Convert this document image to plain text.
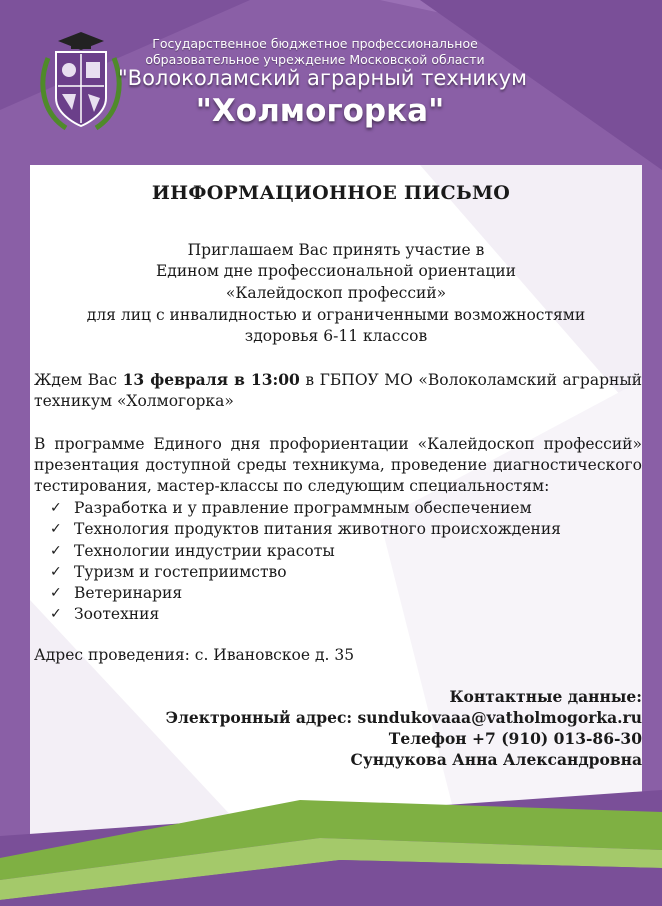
Государственное бюджетное профессиональное
образовательное учреждение Московской области
"Волоколамский аграрный техникум
"Холмогорка"
ИНФОРМАЦИОННОЕ ПИСЬМО
Приглашаем Вас принять участие в
Едином дне профессиональной ориентации
«Калейдоскоп профессий»
для лиц с инвалидностью и ограниченными возможностями
здоровья 6-11 классов
Ждем Вас 13 февраля в 13:00 в ГБПОУ МО «Волоколамский аграрный техникум «Холмогорка»
В программе Единого дня профориентации «Калейдоскоп профессий» презентация доступной среды техникума, проведение диагностического тестирования, мастер-классы по следующим специальностям:
✓ Разработка и у правление программным обеспечением
✓ Технология продуктов питания животного происхождения
✓ Технологии индустрии красоты
✓ Туризм и гостеприимство
✓ Ветеринария
✓ Зоотехния
Адрес проведения: с. Ивановское д. 35
Контактные данные:
Электронный адрес: sundukovaaa@vatholmogorka.ru
Телефон +7 (910) 013-86-30
Сундукова Анна Александровна
